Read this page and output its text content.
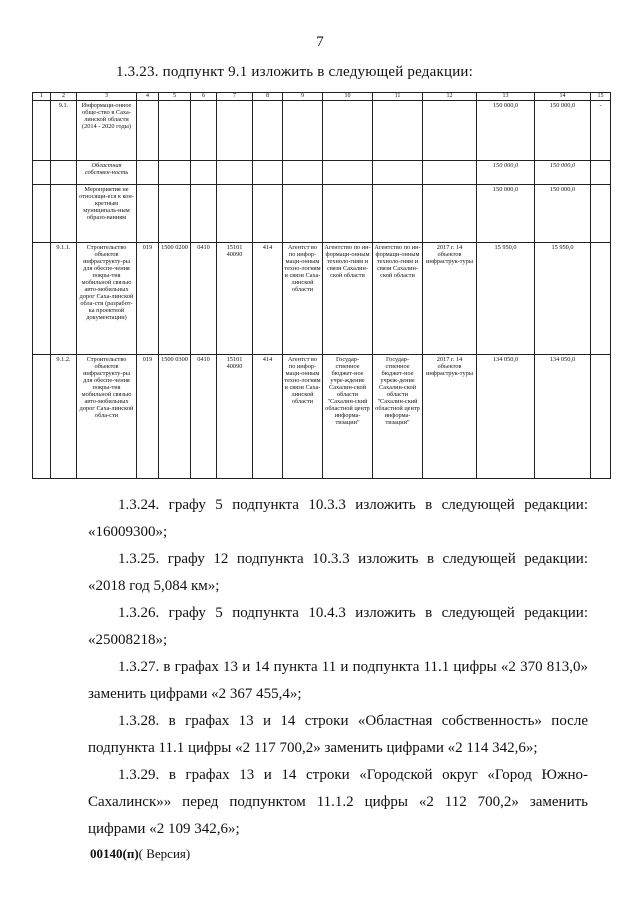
7
1.3.23. подпункт 9.1 изложить в следующей редакции:
1	2	3	4	5	6	7	8	9	10	11	12	13	14	15
	9.1.	Информаци-онное обще-ство в Саха-линской области (2014 - 2020 годы)										150 000,0	150 000,0	-
		Областная собствен-ность										150 000,0	150 000,0	
		Мероприятия не относящи-еся к кон-кретным муниципаль-ным образо-ваниям										150 000,0	150 000,0	
	9.1.1.	Строительство объектов инфраструкту-ры для обеспе-чения покры-тия мобильной связью авто-мобильных дорог Саха-линской обла-сти (разработ-ка проектной документации)	019	1500 0200	0410	15101 40090	414	Агентст во по инфор-маци-онным техно-логиям и связи Саха-линской области	Агентство по ин-формаци-онным техноло-гиям и связи Сахалин-ской области	Агентство по ин-формаци-онным техноло-гиям и связи Сахалин-ской области	2017 г. 14 объектов инфраструк-туры	15 950,0	15 950,0	
	9.1.2.	Строительство объектов инфраструкту-ры для обеспе-чения покры-тия мобильной связью авто-мобильных дорог Саха-линской обла-сти	019	1500 0300	0410	15101 40090	414	Агентст во по инфор-маци-онным техно-логиям и связи Саха-линской области	Государ-ственное бюджет-ное учре-ждение Сахалин-ской области "Сахалин-ский областной центр информа-тизации"	Государ-ственное бюджет-ное учреж-дение Сахалин-ской области "Сахалин-ский областной центр информа-тизации"	2017 г. 14 объектов инфраструк-туры	134 050,0	134 050,0	

1.3.24. графу 5 подпункта 10.3.3 изложить в следующей редакции: «16009300»;

1.3.25. графу 12 подпункта 10.3.3 изложить в следующей редакции: «2018 год 5,084 км»;

1.3.26. графу 5 подпункта 10.4.3 изложить в следующей редакции: «25008218»;

1.3.27. в графах 13 и 14 пункта 11 и подпункта 11.1 цифры «2 370 813,0» заменить цифрами «2 367 455,4»;

1.3.28. в графах 13 и 14 строки «Областная собственность» после подпункта 11.1 цифры «2 117 700,2» заменить цифрами «2 114 342,6»;

1.3.29. в графах 13 и 14 строки «Городской округ «Город Южно-Сахалинск»» перед подпунктом 11.1.2 цифры «2 112 700,2» заменить цифрами «2 109 342,6»;

00140(п)( Версия)
